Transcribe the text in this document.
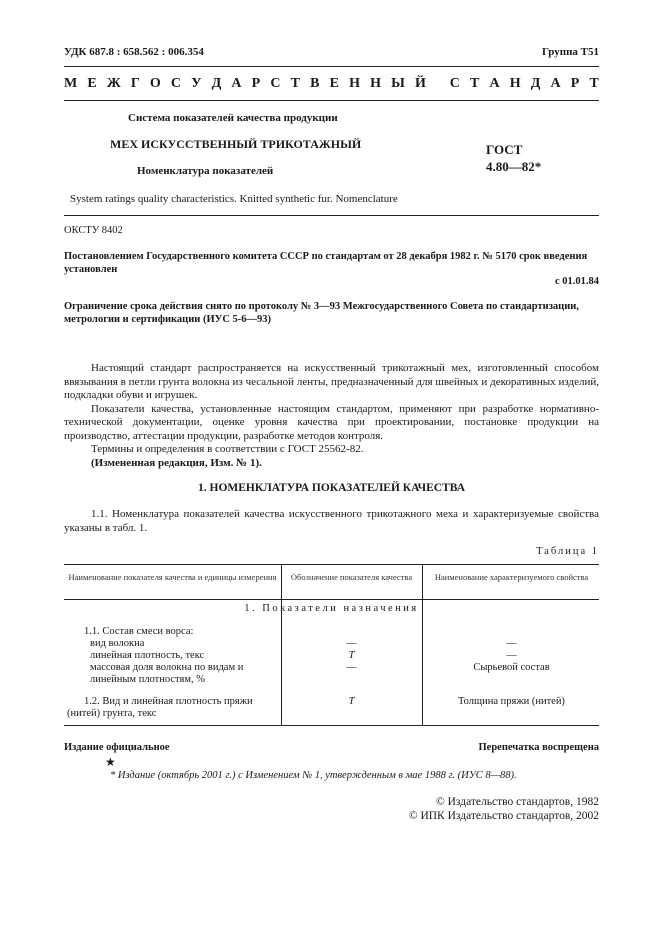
УДК 687.8 : 658.562 : 006.354	Группа Т51
М Е Ж Г О С У Д А Р С Т В Е Н Н Ы Й
С Т А Н Д А Р Т
Система показателей качества продукции
МЕХ ИСКУССТВЕННЫЙ ТРИКОТАЖНЫЙ
Номенклатура показателей
ГОСТ
4.80—82*
System ratings quality characteristics. Knitted synthetic fur. Nomenclature
ОКСТУ 8402
Постановлением Государственного комитета СССР по стандартам от 28 декабря 1982 г. № 5170 срок введения установлен
с 01.01.84
Ограничение срока действия снято по протоколу № 3—93 Межгосударственного Совета по стандартизации, метрологии и сертификации (ИУС 5-6—93)

Настоящий стандарт распространяется на искусственный трикотажный мех, изготовленный способом ввязывания в петли грунта волокна из чесальной ленты, предназначенный для швейных и декоративных изделий, подкладки обуви и игрушек.

Показатели качества, установленные настоящим стандартом, применяют при разработке нормативно-технической документации, оценке уровня качества при проектировании, постановке продукции на производство, аттестации продукции, разработке методов контроля.

Термины и определения в соответствии с ГОСТ 25562-82.

(Измененная редакция, Изм. № 1).

1. НОМЕНКЛАТУРА ПОКАЗАТЕЛЕЙ КАЧЕСТВА

1.1. Номенклатура показателей качества искусственного трикотажного меха и характеризуемые свойства указаны в табл. 1.

Таблица 1
Наименование показателя качества и единицы измерения	Обозначение показателя качества	Наименование характеризуемого свойства
1. Показатели назначения
1.1. Состав смеси ворса:
вид волокна	—	—
линейная плотность, текс	T	—
массовая доля волокна по видам и	—	Сырьевой состав
линейным плотностям, %
1.2. Вид и линейная плотность пряжи	T	Толщина пряжи (нитей)
(нитей) грунта, текс
Издание официальное	Перепечатка воспрещена
★
* Издание (октябрь 2001 г.) с Изменением № 1, утвержденным в мае 1988 г. (ИУС 8—88).
© Издательство стандартов, 1982
© ИПК Издательство стандартов, 2002
